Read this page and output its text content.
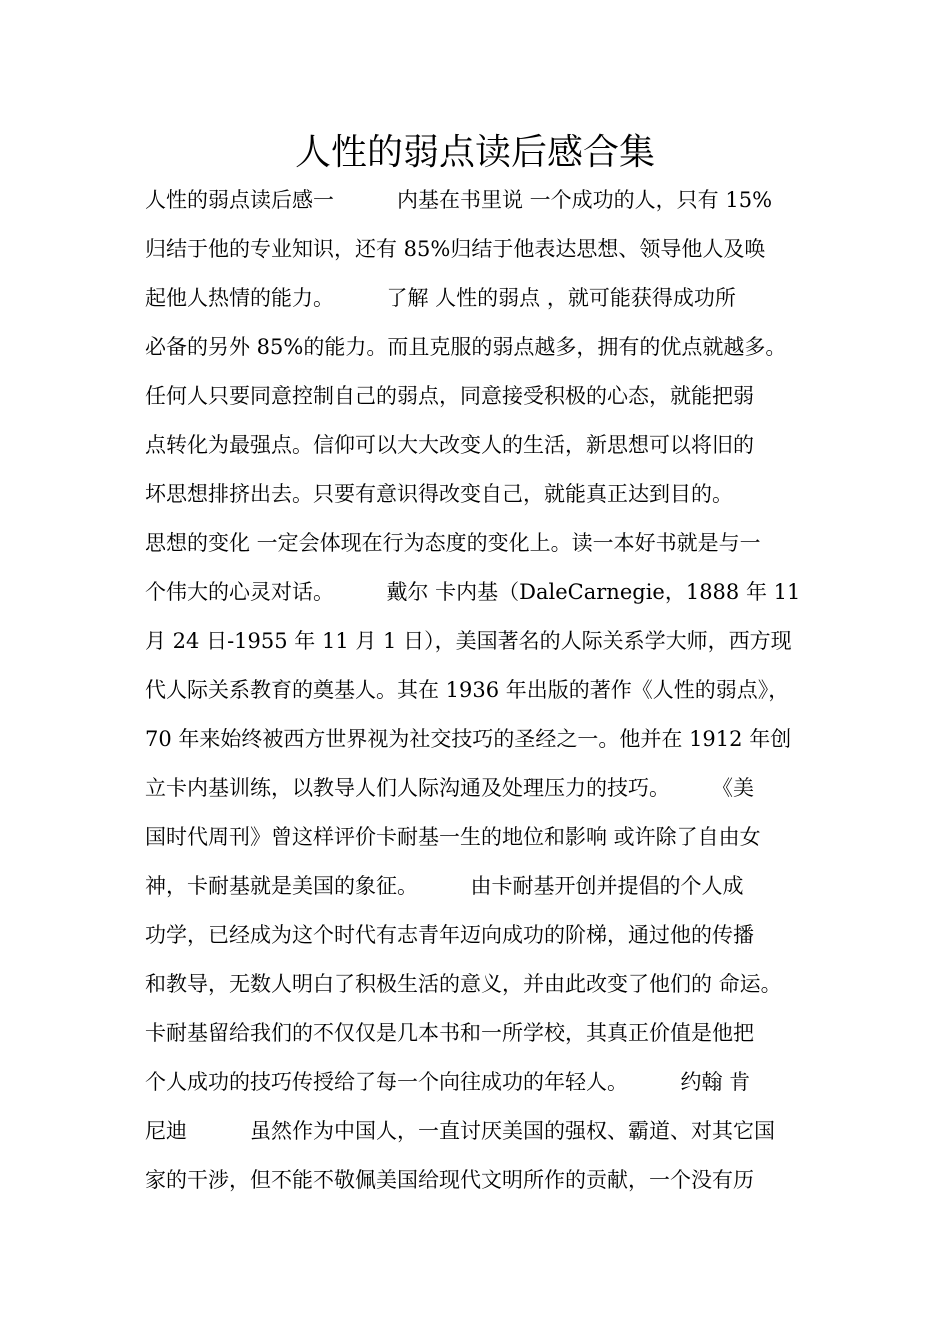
人性的弱点读后感合集
人性的弱点读后感一　　　内基在书里说 一个成功的人，只有 15%
归结于他的专业知识，还有 85%归结于他表达思想、领导他人及唤
起他人热情的能力。　　　了解 人性的弱点 ，就可能获得成功所
必备的另外 85%的能力。而且克服的弱点越多，拥有的优点就越多。
任何人只要同意控制自己的弱点，同意接受积极的心态，就能把弱
点转化为最强点。信仰可以大大改变人的生活，新思想可以将旧的
坏思想排挤出去。只要有意识得改变自己，就能真正达到目的。
思想的变化 一定会体现在行为态度的变化上。读一本好书就是与一
个伟大的心灵对话。　　　戴尔 卡内基（DaleCarnegie，1888 年 11
月 24 日-1955 年 11 月 1 日），美国著名的人际关系学大师，西方现
代人际关系教育的奠基人。其在 1936 年出版的著作《人性的弱点》，
70 年来始终被西方世界视为社交技巧的圣经之一。他并在 1912 年创
立卡内基训练，以教导人们人际沟通及处理压力的技巧。　　　《美
国时代周刊》曾这样评价卡耐基一生的地位和影响 或许除了自由女
神，卡耐基就是美国的象征。　　　由卡耐基开创并提倡的个人成
功学，已经成为这个时代有志青年迈向成功的阶梯，通过他的传播
和教导，无数人明白了积极生活的意义，并由此改变了他们的 命运。
卡耐基留给我们的不仅仅是几本书和一所学校，其真正价值是他把
个人成功的技巧传授给了每一个向往成功的年轻人。　　　约翰 肯
尼迪　　　虽然作为中国人，一直讨厌美国的强权、霸道、对其它国
家的干涉，但不能不敬佩美国给现代文明所作的贡献，一个没有历
